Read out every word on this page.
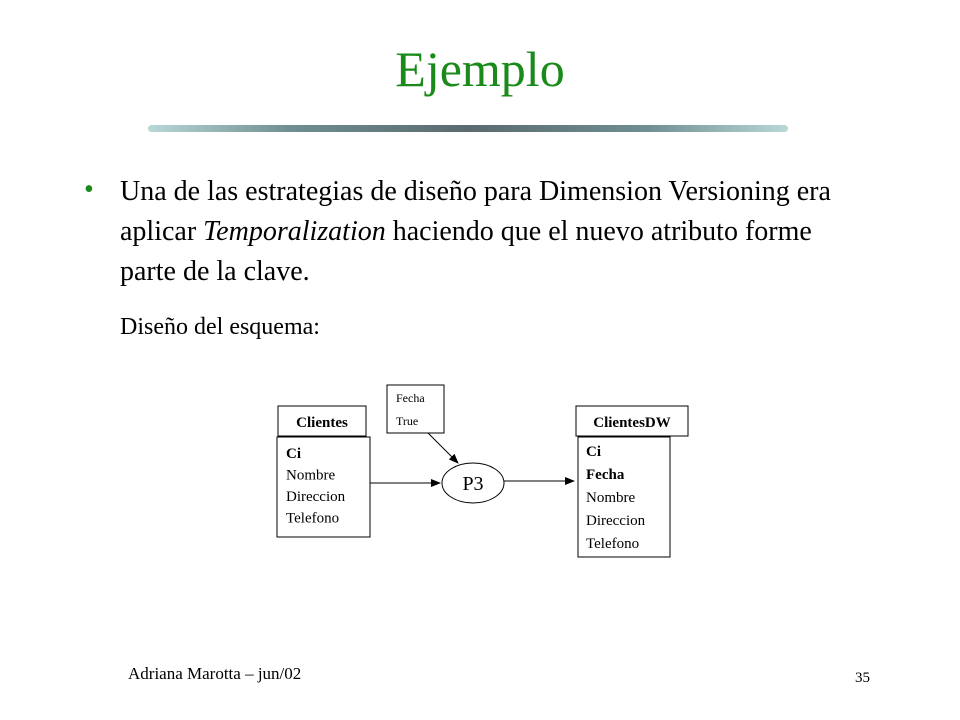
Ejemplo
• Una de las estrategias de diseño para Dimension Versioning era aplicar Temporalization haciendo que el nuevo atributo forme parte de la clave.
Diseño del esquema:
Clientes
Ci
Nombre
Direccion
Telefono
Fecha
True
P3
ClientesDW
Ci
Fecha
Nombre
Direccion
Telefono
Adriana Marotta – jun/02	35
